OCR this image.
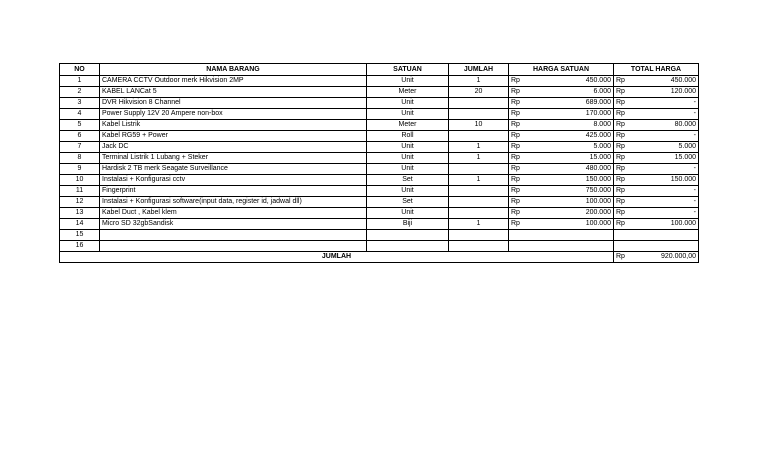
NO	NAMA BARANG	SATUAN	JUMLAH	HARGA SATUAN		TOTAL HARGA	
1	CAMERA CCTV Outdoor merk Hikvision 2MP	Unit	1	Rp	450.000	Rp	450.000
2	KABEL LANCat 5	Meter	20	Rp	6.000	Rp	120.000
3	DVR Hikvision 8 Channel	Unit		Rp	689.000	Rp	-
4	Power Supply 12V 20 Ampere non-box	Unit		Rp	170.000	Rp	-
5	Kabel Listrik	Meter	10	Rp	8.000	Rp	80.000
6	Kabel RG59 + Power	Roll		Rp	425.000	Rp	-
7	Jack DC	Unit	1	Rp	5.000	Rp	5.000
8	Terminal Listrik 1 Lubang + Steker	Unit	1	Rp	15.000	Rp	15.000
9	Hardisk 2 TB merk Seagate Surveillance	Unit		Rp	480.000	Rp	-
10	Instalasi + Konfigurasi cctv	Set	1	Rp	150.000	Rp	150.000
11	Fingerprint	Unit		Rp	750.000	Rp	-
12	Instalasi + Konfigurasi software(input data, register id, jadwal dll)	Set		Rp	100.000	Rp	-
13	Kabel Duct , Kabel klem	Unit		Rp	200.000	Rp	-
14	Micro SD 32gbSandisk	Biji	1	Rp	100.000	Rp	100.000
15							
16							
JUMLAH						Rp	920.000,00
